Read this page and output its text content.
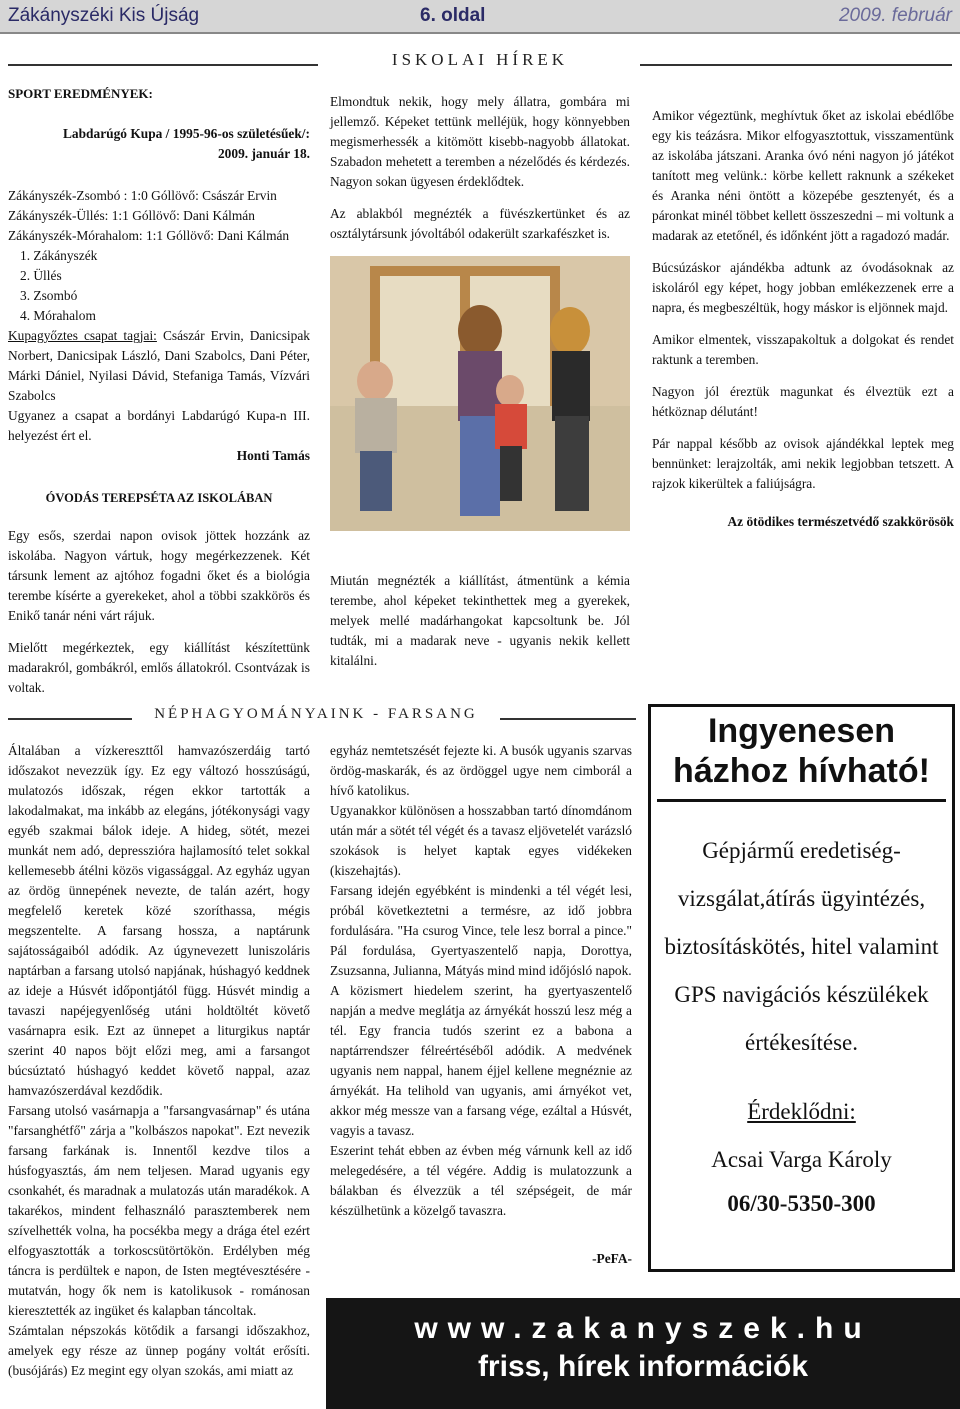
Zákányszéki Kis Újság	6. oldal	2009. február
ISKOLAI HÍREK

SPORT EREDMÉNYEK:

Labdarúgó Kupa / 1995-96-os születésűek/:

2009. január 18.

Zákányszék-Zsombó : 1:0 Góllövő: Császár Ervin

Zákányszék-Üllés: 1:1 Góllövő: Dani Kálmán

Zákányszék-Mórahalom: 1:1 Góllövő: Dani Kálmán

1. Zákányszék

2. Üllés

3. Zsombó

4. Mórahalom

Kupagyőztes csapat tagjai: Császár Ervin, Danicsipak Norbert, Danicsipak László, Dani Szabolcs, Dani Péter, Márki Dániel, Nyilasi Dávid, Stefaniga Tamás, Vízvári Szabolcs

Ugyanez a csapat a bordányi Labdarúgó Kupa-n III. helyezést ért el.

Honti Tamás

ÓVODÁS TEREPSÉTA AZ ISKOLÁBAN

Egy esős, szerdai napon ovisok jöttek hozzánk az iskolába. Nagyon vártuk, hogy megérkezzenek. Két társunk lement az ajtóhoz fogadni őket és a biológia terembe kísérte a gyerekeket, ahol a többi szakkörös és Enikő tanár néni várt rájuk.

Mielőtt megérkeztek, egy kiállítást készítettünk madarakról, gombákról, emlős állatokról. Csontvázak is voltak.

Elmondtuk nekik, hogy mely állatra, gombára mi jellemző. Képeket tettünk melléjük, hogy könnyebben megismerhessék a kitömött kisebb-nagyobb állatokat. Szabadon mehetett a teremben a nézelődés és kérdezés. Nagyon sokan ügyesen érdeklődtek.

Az ablakból megnézték a füvészkertünket és az osztálytársunk jóvoltából odakerült szarkafészket is.

Miután megnézték a kiállítást, átmentünk a kémia terembe, ahol képeket tekinthettek meg a gyerekek, melyek mellé madárhangokat kapcsoltunk be. Jól tudták, mi a madarak neve - ugyanis nekik kellett kitalálni.

Amikor végeztünk, meghívtuk őket az iskolai ebédlőbe egy kis teázásra. Mikor elfogyasztottuk, visszamentünk az iskolába játszani. Aranka óvó néni nagyon jó játékot tanított meg velünk.: körbe kellett raknunk a székeket és Aranka néni öntött a közepébe gesztenyét, és a páronkat minél többet kellett összeszedni – mi voltunk a madarak az etetőnél, és időnként jött a ragadozó madár.

Búcsúzáskor ajándékba adtunk az óvodásoknak az iskoláról egy képet, hogy jobban emlékezzenek erre a napra, és megbeszéltük, hogy máskor is eljönnek majd.

Amikor elmentek, visszapakoltuk a dolgokat és rendet raktunk a teremben.

Nagyon jól éreztük magunkat és élveztük ezt a hétköznap délutánt!

Pár nappal később az ovisok ajándékkal leptek meg bennünket: lerajzolták, ami nekik legjobban tetszett. A rajzok kikerültek a faliújságra.

Az ötödikes természetvédő szakkörösök

NÉPHAGYOMÁNYAINK - FARSANG

Általában a vízkereszttől hamvazószerdáig tartó időszakot nevezzük így. Ez egy változó hosszúságú, mulatozós időszak, régen ekkor tartották a lakodalmakat, ma inkább az elegáns, jótékonysági vagy egyéb szakmai bálok ideje. A hideg, sötét, mezei munkát nem adó, depresszióra hajlamosító telet sokkal kellemesebb átélni közös vigassággal. Az egyház ugyan az ördög ünnepének nevezte, de talán azért, hogy megfelelő keretek közé szoríthassa, mégis megszentelte. A farsang hossza, a naptárunk sajátosságaiból adódik. Az úgynevezett luniszoláris naptárban a farsang utolsó napjának, húshagyó keddnek az ideje a Húsvét időpontjától függ. Húsvét mindig a tavaszi napéjegyenlőség utáni holdtöltét követő vasárnapra esik. Ezt az ünnepet a liturgikus naptár szerint 40 napos böjt előzi meg, ami a farsangot búcsúztató húshagyó keddet követő nappal, azaz hamvazószerdával kezdődik.

Farsang utolsó vasárnapja a "farsangvasárnap" és utána "farsanghétfő" zárja a "kolbászos napokat". Ezt nevezik farsang farkának is. Innentől kezdve tilos a húsfogyasztás, ám nem teljesen. Marad ugyanis egy csonkahét, és maradnak a mulatozás után maradékok. A takarékos, mindent felhasználó parasztemberek nem szívelhették volna, ha pocsékba megy a drága étel ezért elfogyasztották a torkoscsütörtökön. Erdélyben még táncra is perdültek e napon, de Isten megtévesztésére - mutatván, hogy ők nem is katolikusok - románosan kieresztették az ingüket és kalapban táncoltak.

Számtalan népszokás kötődik a farsangi időszakhoz, amelyek egy része az ünnep pogány voltát erősíti. (busójárás) Ez megint egy olyan szokás, ami miatt az

egyház nemtetszését fejezte ki. A busók ugyanis szarvas ördög-maskarák, és az ördöggel ugye nem cimborál a hívő katolikus.

Ugyanakkor különösen a hosszabban tartó dínomdánom után már a sötét tél végét és a tavasz eljövetelét varázsló szokások is helyet kaptak egyes vidékeken (kiszehajtás).

Farsang idején egyébként is mindenki a tél végét lesi, próbál következtetni a termésre, az idő jobbra fordulására. "Ha csurog Vince, tele lesz borral a pince." Pál fordulása, Gyertyaszentelő napja, Dorottya, Zsuzsanna, Julianna, Mátyás mind mind időjósló napok.

A közismert hiedelem szerint, ha gyertyaszentelő napján a medve meglátja az árnyékát hosszú lesz még a tél. Egy francia tudós szerint ez a babona a naptárrendszer félreértéséből adódik. A medvének ugyanis nem nappal, hanem éjjel kellene megnéznie az árnyékát. Ha telihold van ugyanis, ami árnyékot vet, akkor még messze van a farsang vége, ezáltal a Húsvét, vagyis a tavasz.

Eszerint tehát ebben az évben még várnunk kell az idő melegedésére, a tél végére. Addig is mulatozzunk a bálakban és élvezzük a tél szépségeit, de már készülhetünk a közelgő tavaszra.

-PeFA-

Ingyenesen
házhoz hívható!
Gépjármű eredetiség-vizsgálat,átírás ügyintézés, biztosításkötés, hitel valamint GPS navigációs készülékek értékesítése.
Érdeklődni:
Acsai Varga Károly
06/30-5350-300
www.zakanyszek.hu
friss, hírek információk
